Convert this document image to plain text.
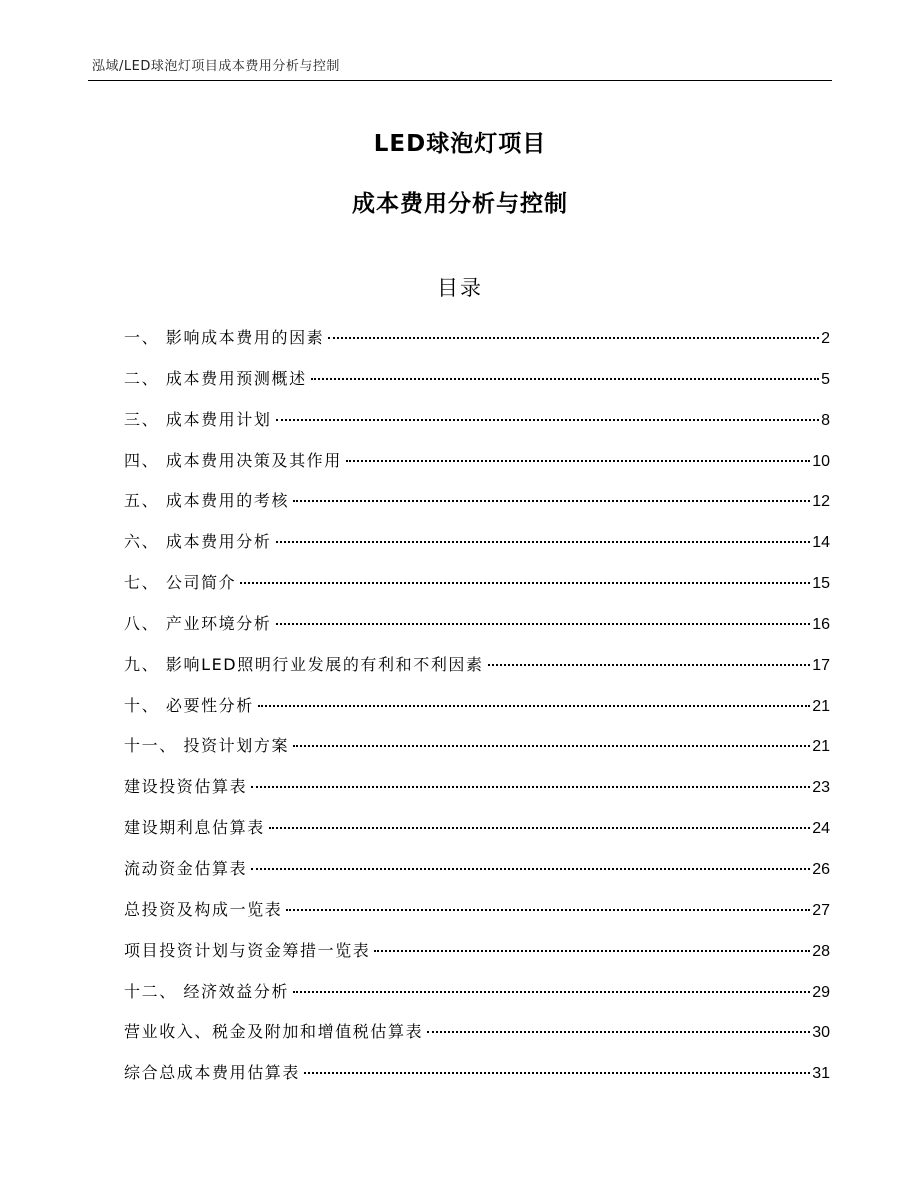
泓域/LED球泡灯项目成本费用分析与控制
LED球泡灯项目
成本费用分析与控制
目录
一、 影响成本费用的因素	2
二、 成本费用预测概述	5
三、 成本费用计划	8
四、 成本费用决策及其作用	10
五、 成本费用的考核	12
六、 成本费用分析	14
七、 公司简介	15
八、 产业环境分析	16
九、 影响LED照明行业发展的有利和不利因素	17
十、 必要性分析	21
十一、 投资计划方案	21
建设投资估算表	23
建设期利息估算表	24
流动资金估算表	26
总投资及构成一览表	27
项目投资计划与资金筹措一览表	28
十二、 经济效益分析	29
营业收入、税金及附加和增值税估算表	30
综合总成本费用估算表	31
